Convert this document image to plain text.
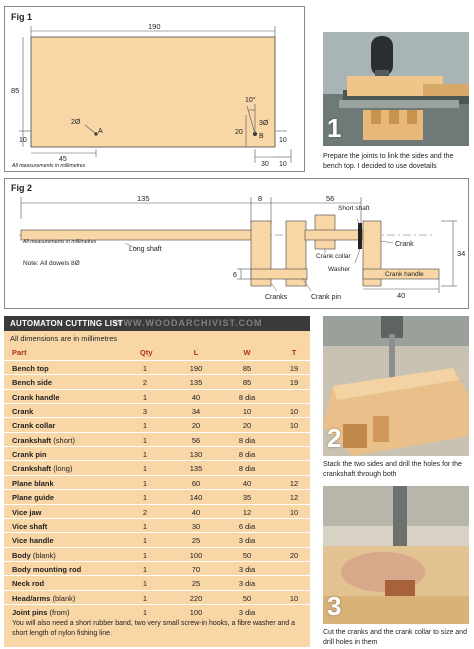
Fig 1
190
85
10
45
2Ø
A
10°
3Ø
B
20
10
30 10
All measurements in millimetres
Fig 2
135	8	56
34
6
40
All measurements in millimetres
Long shaft
Short shaft
Crank
Crank collar
Washer
Crank handle
Cranks	Crank pin
Note: All dowels 8Ø
1
Prepare the joints to link the sides and the bench top. I decided to use dovetails
AUTOMATON CUTTING LIST
WWW.WOODARCHIVIST.COM
All dimensions are in millimetres
Part	Qty	L	W	T
Bench top	1	190	85	19
Bench side	2	135	85	19
Crank handle	1	40	8 dia
Crank	3	34	10	10
Crank collar	1	20	20	10
Crankshaft (short)	1	56	8 dia
Crank pin	1	130	8 dia
Crankshaft (long)	1	135	8 dia
Plane blank	1	60	40	12
Plane guide	1	140	35	12
Vice jaw	2	40	12	10
Vice shaft	1	30	6 dia
Vice handle	1	25	3 dia
Body (blank)	1	100	50	20
Body mounting rod	1	70	3 dia
Neck rod	1	25	3 dia
Head/arms (blank)	1	220	50	10
Joint pins (from)	1	100	3 dia
You will also need a short rubber band, two very small screw-in hooks, a fibre washer and a short length of nylon fishing line.
2
Stack the two sides and drill the holes for the crankshaft through both
3
Cut the cranks and the crank collar to size and drill holes in them
